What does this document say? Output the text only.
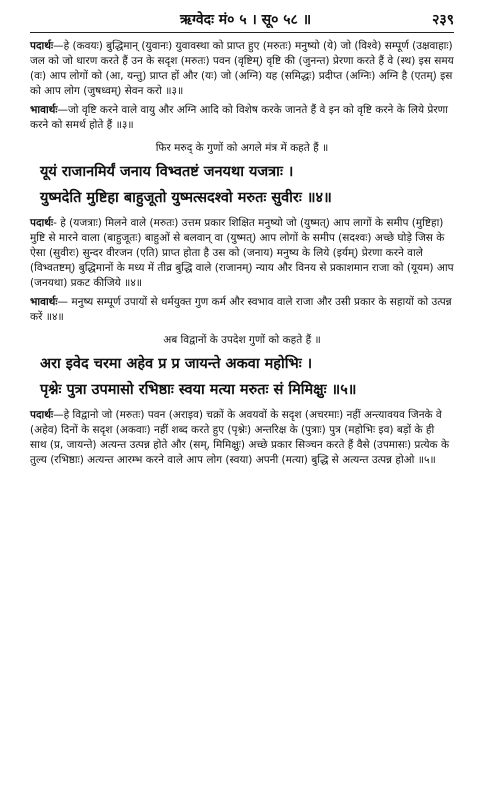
ऋग्वेदः मं० ५ । सू० ५८ ॥	२३९

पदार्थः—हे (कवयः) बुद्धिमान् (युवानः) युवावस्था को प्राप्त हुए (मरुतः) मनुष्यो (ये) जो (विश्वे) सम्पूर्ण (उक्षवाहाः) जल को जो धारण करते हैं उन के सदृश (मरुतः) पवन (वृष्टिम्) वृष्टि की (जुनन्त) प्रेरणा करते हैं वे (स्थ) इस समय (वः) आप लोगों को (आ, यन्तु) प्राप्त हों और (यः) जो (अग्नि) यह (समिद्धः) प्रदीप्त (अग्निः) अग्नि है (एतम्) इस को आप लोग (जुषध्वम्) सेवन करो ॥३॥

भावार्थः—जो वृष्टि करने वाले वायु और अग्नि आदि को विशेष करके जानते हैं वे इन को वृष्टि करने के लिये प्रेरणा करने को समर्थ होते हैं ॥३॥

फिर मरुद् के गुणों को अगले मंत्र में कहते हैं ॥
यूयं राजानमिर्यं जनाय विभ्वतष्टं जनयथा यजत्राः ।
युष्मदेति मुष्टिहा बाहुजूतो युष्मत्सदश्वो मरुतः सुवीरः ॥४॥

पदार्थः- हे (यजत्राः) मिलने वाले (मरुतः) उत्तम प्रकार शिक्षित मनुष्यो जो (युष्मत्) आप लागों के समीप (मुष्टिहा) मुष्टि से मारने वाला (बाहुजूतः) बाहुओं से बलवान् वा (युष्मत्) आप लोगों के समीप (सदश्वः) अच्छे घोड़े जिस के ऐसा (सुवीरः) सुन्दर वीरजन (एति) प्राप्त होता है उस को (जनाय) मनुष्य के लिये (इर्यम्) प्रेरणा करने वाले (विभ्वतष्टम्) बुद्धिमानों के मध्य में तीव्र बुद्धि वाले (राजानम्) न्याय और विनय से प्रकाशमान राजा को (यूयम) आप (जनयथा) प्रकट कीजिये ॥४॥

भावार्थः— मनुष्य सम्पूर्ण उपायों से धर्मयुक्त गुण कर्म और स्वभाव वाले राजा और उसी प्रकार के सहायों को उत्पन्न करें ॥४॥

अब विद्वानों के उपदेश गुणों को कहते हैं ॥
अरा इवेद चरमा अहेव प्र प्र जायन्ते अकवा महोभिः ।
पृश्नेः पुत्रा उपमासो रभिष्ठाः स्वया मत्या मरुतः सं मिमिक्षुः ॥५॥

पदार्थः—हे विद्वानो जो (मरुतः) पवन (अराइव) चक्रों के अवयवों के सदृश (अचरमाः) नहीं अन्त्यावयव जिनके वे (अहेव) दिनों के सदृश (अकवाः) नहीं शब्द करते हुए (पृश्नेः) अन्तरिक्ष के (पुत्राः) पुत्र (महोभिः इव) बड़ों के ही साथ (प्र, जायन्ते) अत्यन्त उत्पन्न होते और (सम्, मिमिक्षुः) अच्छे प्रकार सिञ्चन करते हैं वैसे (उपमासः) प्रत्येक के तुल्य (रभिष्ठाः) अत्यन्त आरम्भ करने वाले आप लोग (स्वया) अपनी (मत्या) बुद्धि से अत्यन्त उत्पन्न होओ ॥५॥
